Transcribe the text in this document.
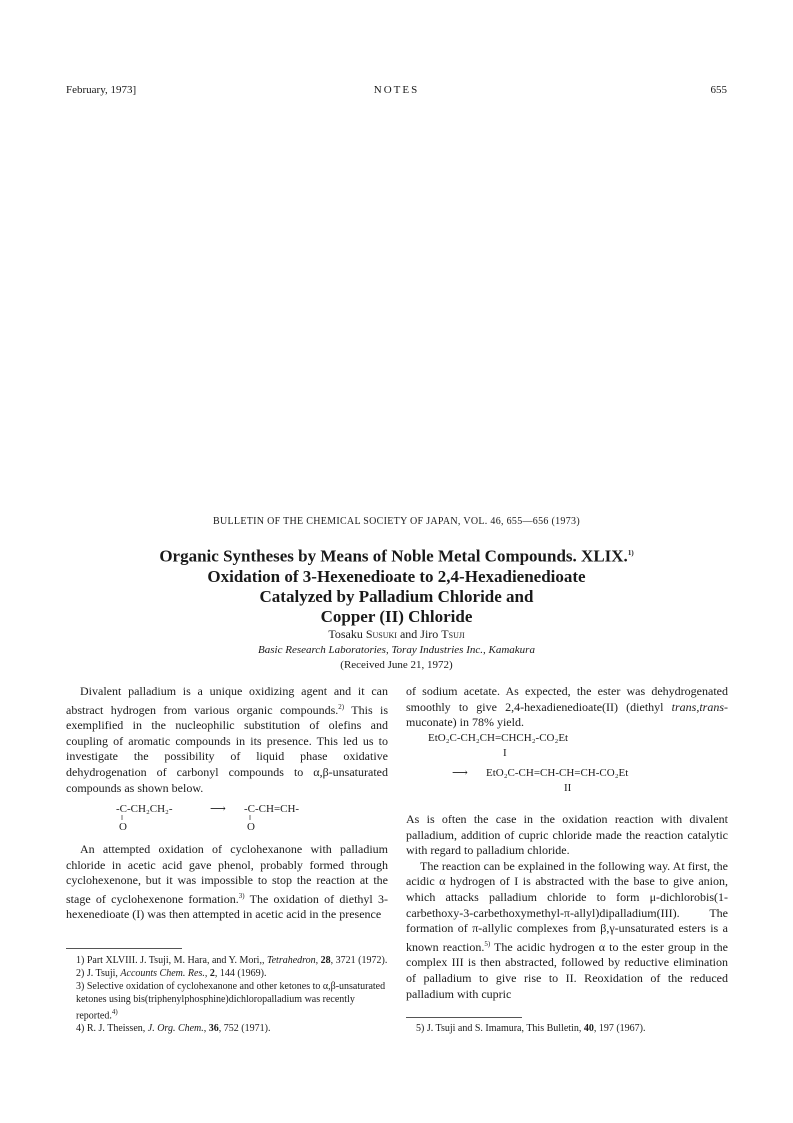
February, 1973]	NOTES	655
BULLETIN OF THE CHEMICAL SOCIETY OF JAPAN, VOL. 46, 655—656 (1973)
Organic Syntheses by Means of Noble Metal Compounds. XLIX.$^{1)}$
Oxidation of 3-Hexenedioate to 2,4-Hexadienedioate
Catalyzed by Palladium Chloride and
Copper (II) Chloride
Tosaku Susuki and Jiro Tsuji
Basic Research Laboratories, Toray Industries Inc., Kamakura
(Received June 21, 1972)

Divalent palladium is a unique oxidizing agent and it can abstract hydrogen from various organic compounds.$^{2)}$ This is exemplified in the nucleophilic substitution of olefins and coupling of aromatic compounds in its presence. This led us to investigate the possibility of liquid phase oxidative dehydrogenation of carbonyl compounds to α,β-unsaturated compounds as shown below.

-C-CH₂CH₂-	⟶ -C-CH=CH-
‖	‖
O	O

An attempted oxidation of cyclohexanone with palladium chloride in acetic acid gave phenol, probably formed through cyclohexenone, but it was impossible to stop the reaction at the stage of cyclohexenone formation.$^{3)}$ The oxidation of diethyl 3-hexenedioate (I) was then attempted in acetic acid in the presence

1) Part XLVIII. J. Tsuji, M. Hara, and Y. Mori,, Tetrahedron, 28, 3721 (1972).

2) J. Tsuji, Accounts Chem. Res., 2, 144 (1969).

3) Selective oxidation of cyclohexanone and other ketones to α,β-unsaturated ketones using bis(triphenylphosphine)dichloropalladium was recently reported.$^{4)}$

4) R. J. Theissen, J. Org. Chem., 36, 752 (1971).

of sodium acetate. As expected, the ester was dehydrogenated smoothly to give 2,4-hexadienedioate(II) (diethyl trans,trans-muconate) in 78% yield.

EtO₂C-CH₂CH=CHCH₂-CO₂Et
I
⟶ EtO₂C-CH=CH-CH=CH-CO₂Et
II

As is often the case in the oxidation reaction with divalent palladium, addition of cupric chloride made the reaction catalytic with regard to palladium chloride.

The reaction can be explained in the following way. At first, the acidic α hydrogen of I is abstracted with the base to give anion, which attacks palladium chloride to form μ-dichlorobis(1-carbethoxy-3-carbethoxymethyl-π-allyl)dipalladium(III). The formation of π-allylic complexes from β,γ-unsaturated esters is a known reaction.$^{5)}$ The acidic hydrogen α to the ester group in the complex III is then abstracted, followed by reductive elimination of palladium to give rise to II. Reoxidation of the reduced palladium with cupric

5) J. Tsuji and S. Imamura, This Bulletin, 40, 197 (1967).
